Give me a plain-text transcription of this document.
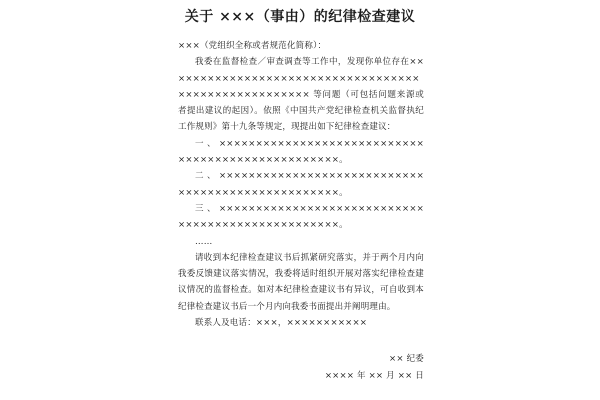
关于 ×××（事由）的纪律检查建议

×××（党组织全称或者规范化简称）：

我委在监督检查／审查调查等工作中，发现你单位存在××××××××××××××××××××××××××××××××××××××××××××××××××××× 等问题（可包括问题来源或者提出建议的起因）。依照《中国共产党纪律检查机关监督执纪工作规则》第十九条等规定，现提出如下纪律检查建议：

一、××××××××××××××××××××××××××××××××××××××××××××××××××。

二、××××××××××××××××××××××××××××××××××××××××××××××××××。

三、××××××××××××××××××××××××××××××××××××××××××××××××××。

……

请收到本纪律检查建议书后抓紧研究落实，并于两个月内向我委反馈建议落实情况，我委将适时组织开展对落实纪律检查建议情况的监督检查。如对本纪律检查建议书有异议，可自收到本纪律检查建议书后一个月内向我委书面提出并阐明理由。

联系人及电话：×××，×××××××××××

×× 纪委

×××× 年 ×× 月 ×× 日
